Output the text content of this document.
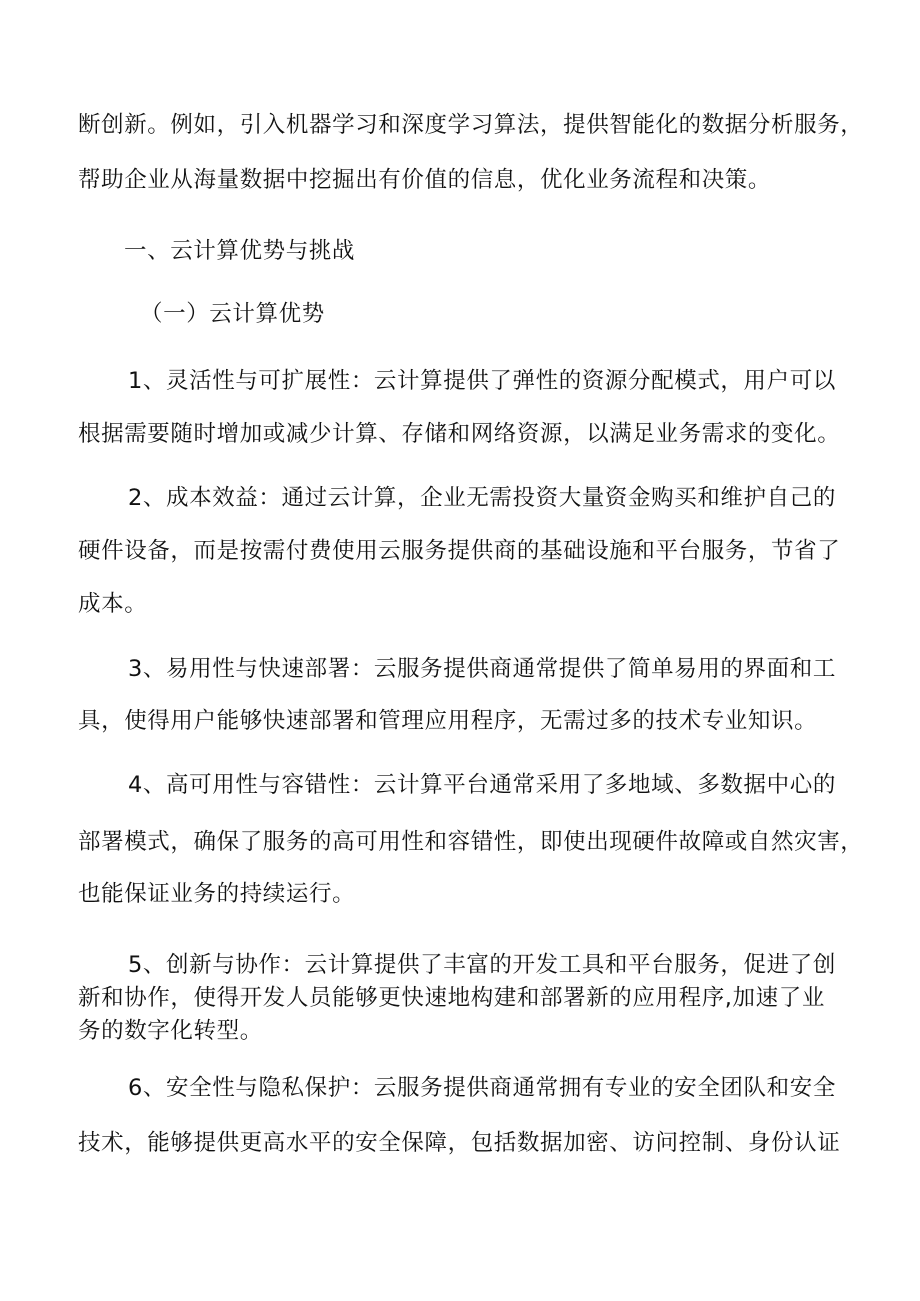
断创新。例如，引入机器学习和深度学习算法，提供智能化的数据分析服务，
帮助企业从海量数据中挖掘出有价值的信息，优化业务流程和决策。
一、云计算优势与挑战
（一）云计算优势
1、灵活性与可扩展性：云计算提供了弹性的资源分配模式，用户可以
根据需要随时增加或减少计算、存储和网络资源，以满足业务需求的变化。
2、成本效益：通过云计算，企业无需投资大量资金购买和维护自己的
硬件设备，而是按需付费使用云服务提供商的基础设施和平台服务，节省了
成本。
3、易用性与快速部署：云服务提供商通常提供了简单易用的界面和工
具，使得用户能够快速部署和管理应用程序，无需过多的技术专业知识。
4、高可用性与容错性：云计算平台通常采用了多地域、多数据中心的
部署模式，确保了服务的高可用性和容错性，即使出现硬件故障或自然灾害，
也能保证业务的持续运行。
5、创新与协作：云计算提供了丰富的开发工具和平台服务，促进了创
新和协作，使得开发人员能够更快速地构建和部署新的应用程序,加速了业
务的数字化转型。
6、安全性与隐私保护：云服务提供商通常拥有专业的安全团队和安全
技术，能够提供更高水平的安全保障，包括数据加密、访问控制、身份认证
